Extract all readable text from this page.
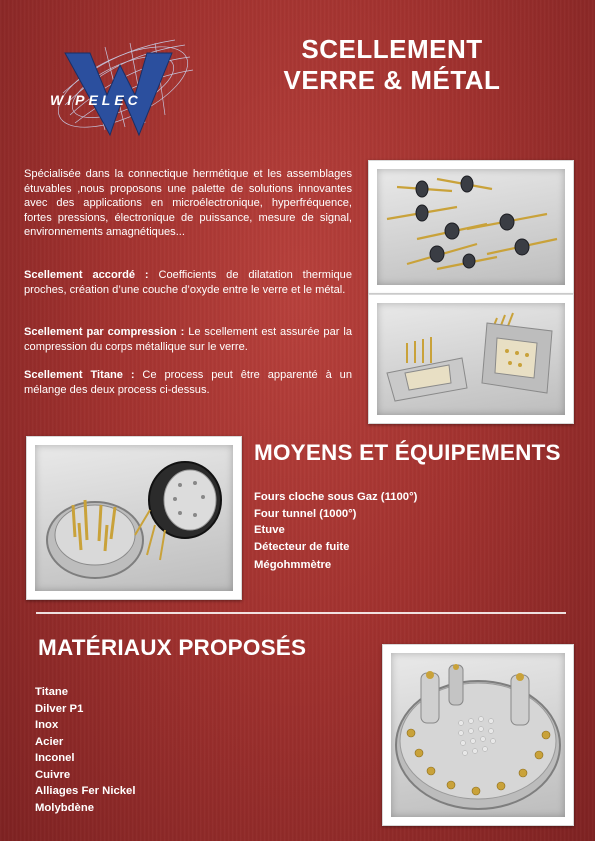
WIPELEC
SCELLEMENT
VERRE & MÉTAL
Spécialisée dans la connectique hermétique et les assemblages étuvables ,nous proposons une palette de solutions innovantes avec des applications en microélectronique, hyperfréquence, fortes pressions, électronique de puissance, mesure de signal, environnements amagnétiques...
Scellement accordé : Coefficients de dilatation thermique proches, création d’une couche d’oxyde entre le verre et le métal.
Scellement par compression : Le scellement est assurée par la compression du corps métallique sur le verre.
Scellement Titane : Ce process peut être apparenté à un mélange des deux process ci-dessus.
MOYENS ET ÉQUIPEMENTS
Fours cloche sous Gaz (1100°)
Four tunnel (1000°)
Etuve
Détecteur de fuite
Mégohmmètre
MATÉRIAUX PROPOSÉS
Titane
Dilver P1
Inox
Acier
Inconel
Cuivre
Alliages Fer Nickel
Molybdène
